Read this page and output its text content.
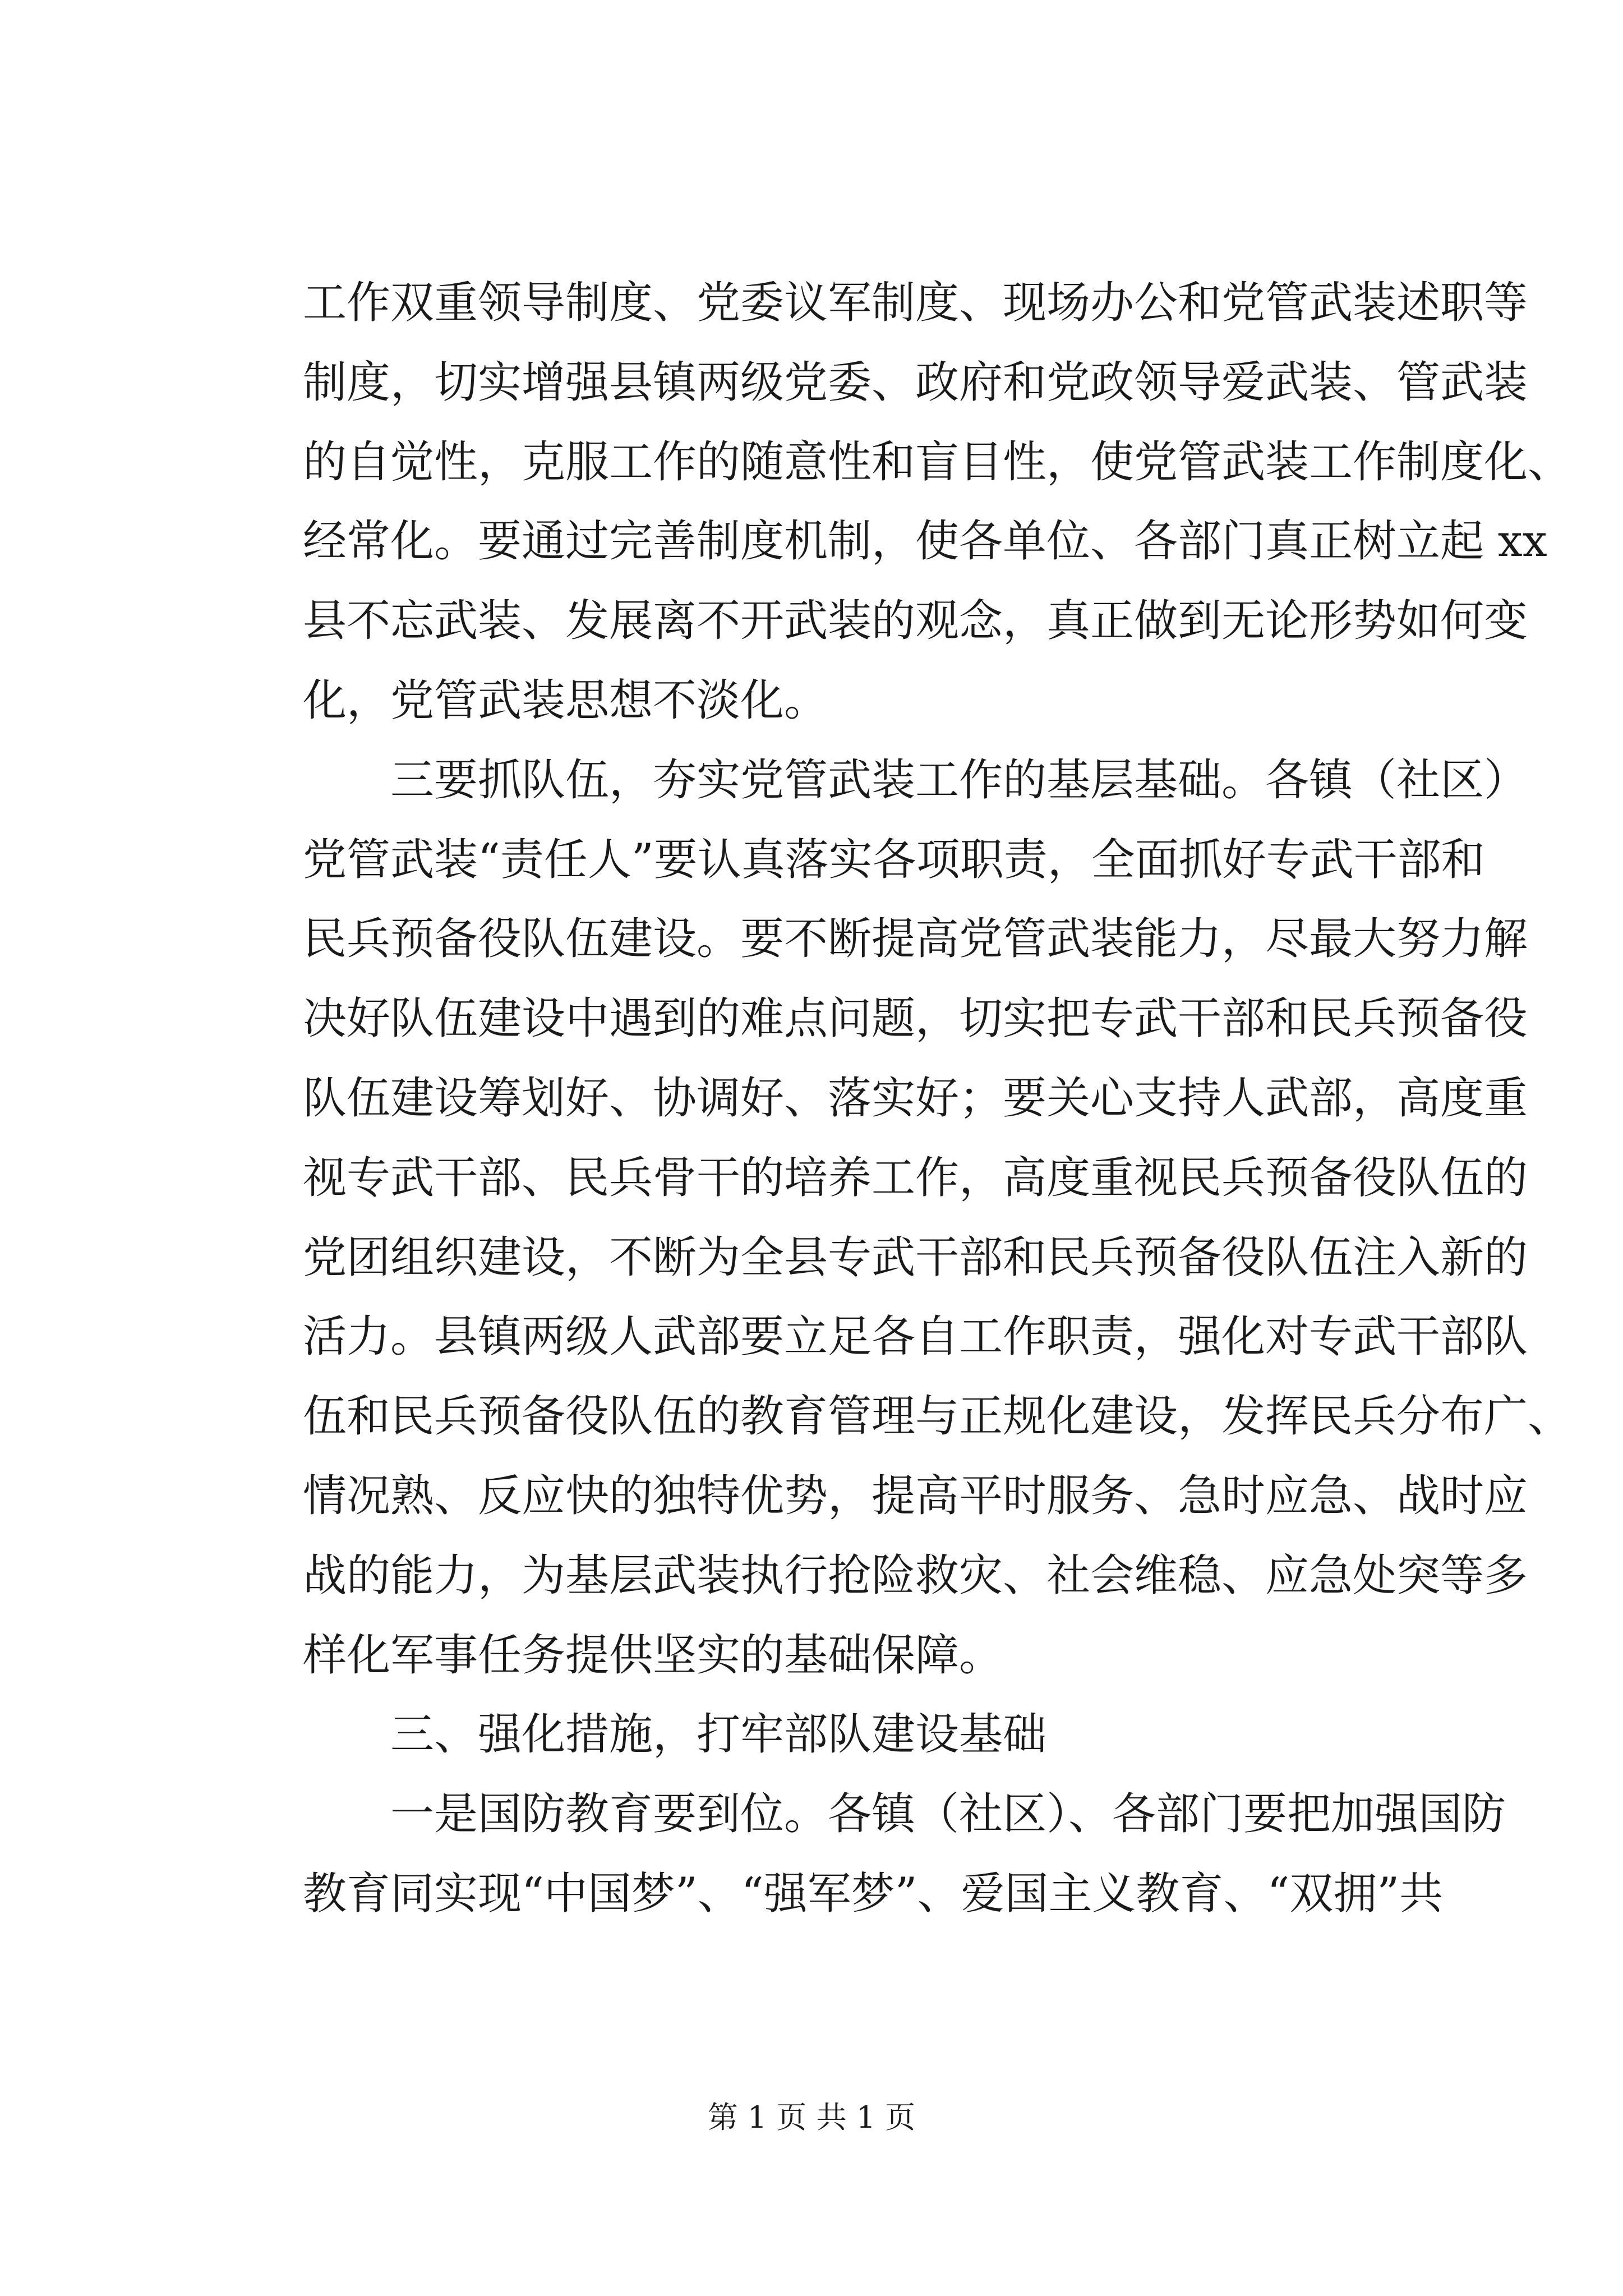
工作双重领导制度、党委议军制度、现场办公和党管武装述职等
制度，切实增强县镇两级党委、政府和党政领导爱武装、管武装
的自觉性，克服工作的随意性和盲目性，使党管武装工作制度化、
经常化。要通过完善制度机制，使各单位、各部门真正树立起 xx
县不忘武装、发展离不开武装的观念，真正做到无论形势如何变
化，党管武装思想不淡化。
三要抓队伍，夯实党管武装工作的基层基础。各镇（社区）
党管武装“责任人”要认真落实各项职责，全面抓好专武干部和
民兵预备役队伍建设。要不断提高党管武装能力，尽最大努力解
决好队伍建设中遇到的难点问题，切实把专武干部和民兵预备役
队伍建设筹划好、协调好、落实好；要关心支持人武部，高度重
视专武干部、民兵骨干的培养工作，高度重视民兵预备役队伍的
党团组织建设，不断为全县专武干部和民兵预备役队伍注入新的
活力。县镇两级人武部要立足各自工作职责，强化对专武干部队
伍和民兵预备役队伍的教育管理与正规化建设，发挥民兵分布广、
情况熟、反应快的独特优势，提高平时服务、急时应急、战时应
战的能力，为基层武装执行抢险救灾、社会维稳、应急处突等多
样化军事任务提供坚实的基础保障。
三、强化措施，打牢部队建设基础
一是国防教育要到位。各镇（社区）、各部门要把加强国防
教育同实现“中国梦”、“强军梦”、爱国主义教育、“双拥”共
第 1 页 共 1 页
